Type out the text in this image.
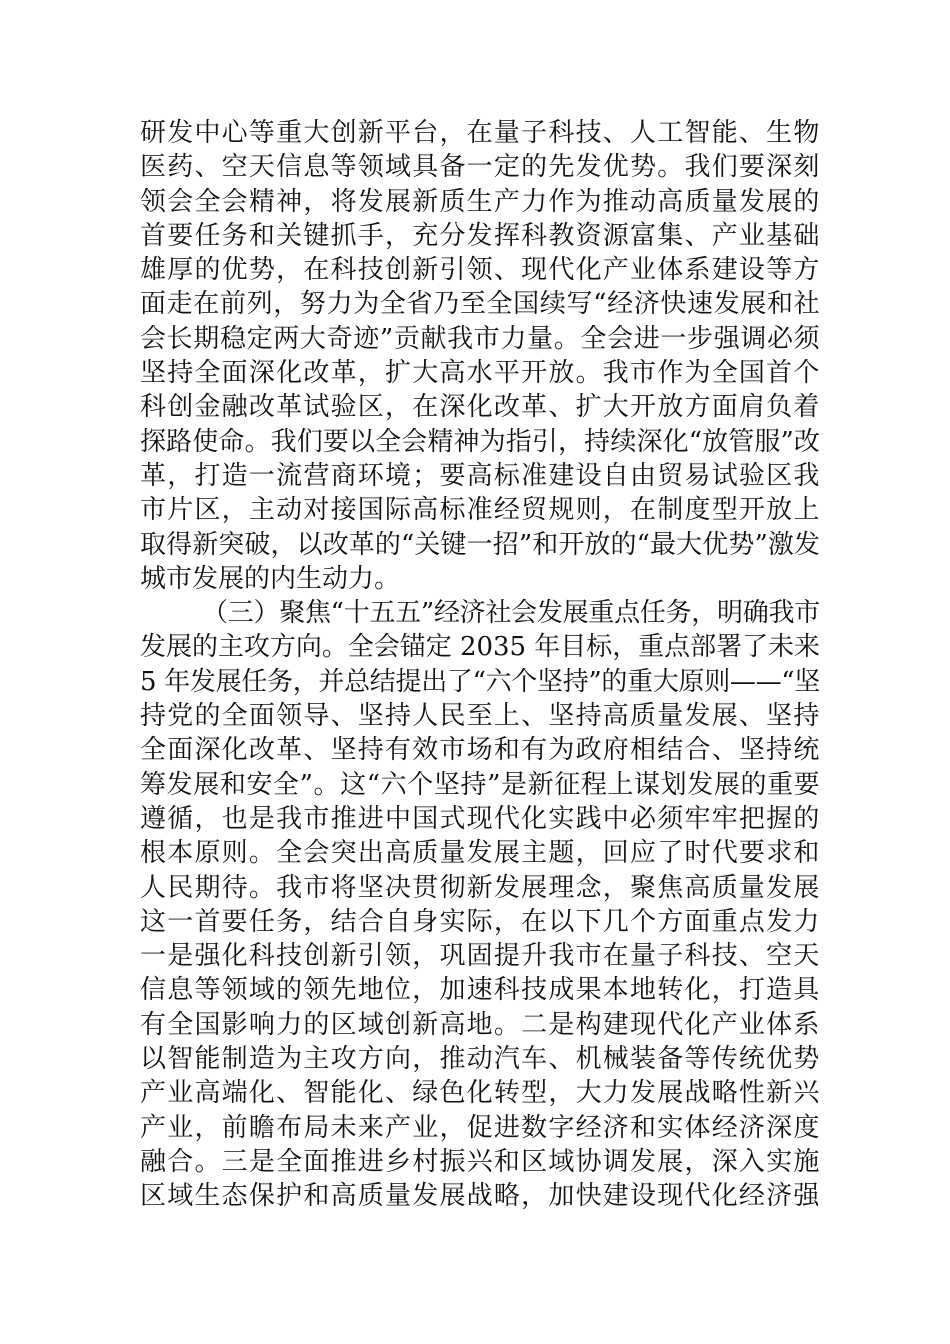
研发中心等重大创新平台，在量子科技、人工智能、生物
医药、空天信息等领域具备一定的先发优势。我们要深刻
领会全会精神，将发展新质生产力作为推动高质量发展的
首要任务和关键抓手，充分发挥科教资源富集、产业基础
雄厚的优势，在科技创新引领、现代化产业体系建设等方
面走在前列，努力为全省乃至全国续写“经济快速发展和社
会长期稳定两大奇迹”贡献我市力量。全会进一步强调必须
坚持全面深化改革，扩大高水平开放。我市作为全国首个
科创金融改革试验区，在深化改革、扩大开放方面肩负着
探路使命。我们要以全会精神为指引，持续深化“放管服”改
革，打造一流营商环境；要高标准建设自由贸易试验区我
市片区，主动对接国际高标准经贸规则，在制度型开放上
取得新突破，以改革的“关键一招”和开放的“最大优势”激发
城市发展的内生动力。
（三）聚焦“十五五”经济社会发展重点任务，明确我市
发展的主攻方向。全会锚定 2035 年目标，重点部署了未来
5 年发展任务，并总结提出了“六个坚持”的重大原则——“坚
持党的全面领导、坚持人民至上、坚持高质量发展、坚持
全面深化改革、坚持有效市场和有为政府相结合、坚持统
筹发展和安全”。这“六个坚持”是新征程上谋划发展的重要
遵循，也是我市推进中国式现代化实践中必须牢牢把握的
根本原则。全会突出高质量发展主题，回应了时代要求和
人民期待。我市将坚决贯彻新发展理念，聚焦高质量发展
这一首要任务，结合自身实际，在以下几个方面重点发力
一是强化科技创新引领，巩固提升我市在量子科技、空天
信息等领域的领先地位，加速科技成果本地转化，打造具
有全国影响力的区域创新高地。二是构建现代化产业体系
以智能制造为主攻方向，推动汽车、机械装备等传统优势
产业高端化、智能化、绿色化转型，大力发展战略性新兴
产业，前瞻布局未来产业，促进数字经济和实体经济深度
融合。三是全面推进乡村振兴和区域协调发展，深入实施
区域生态保护和高质量发展战略，加快建设现代化经济强
